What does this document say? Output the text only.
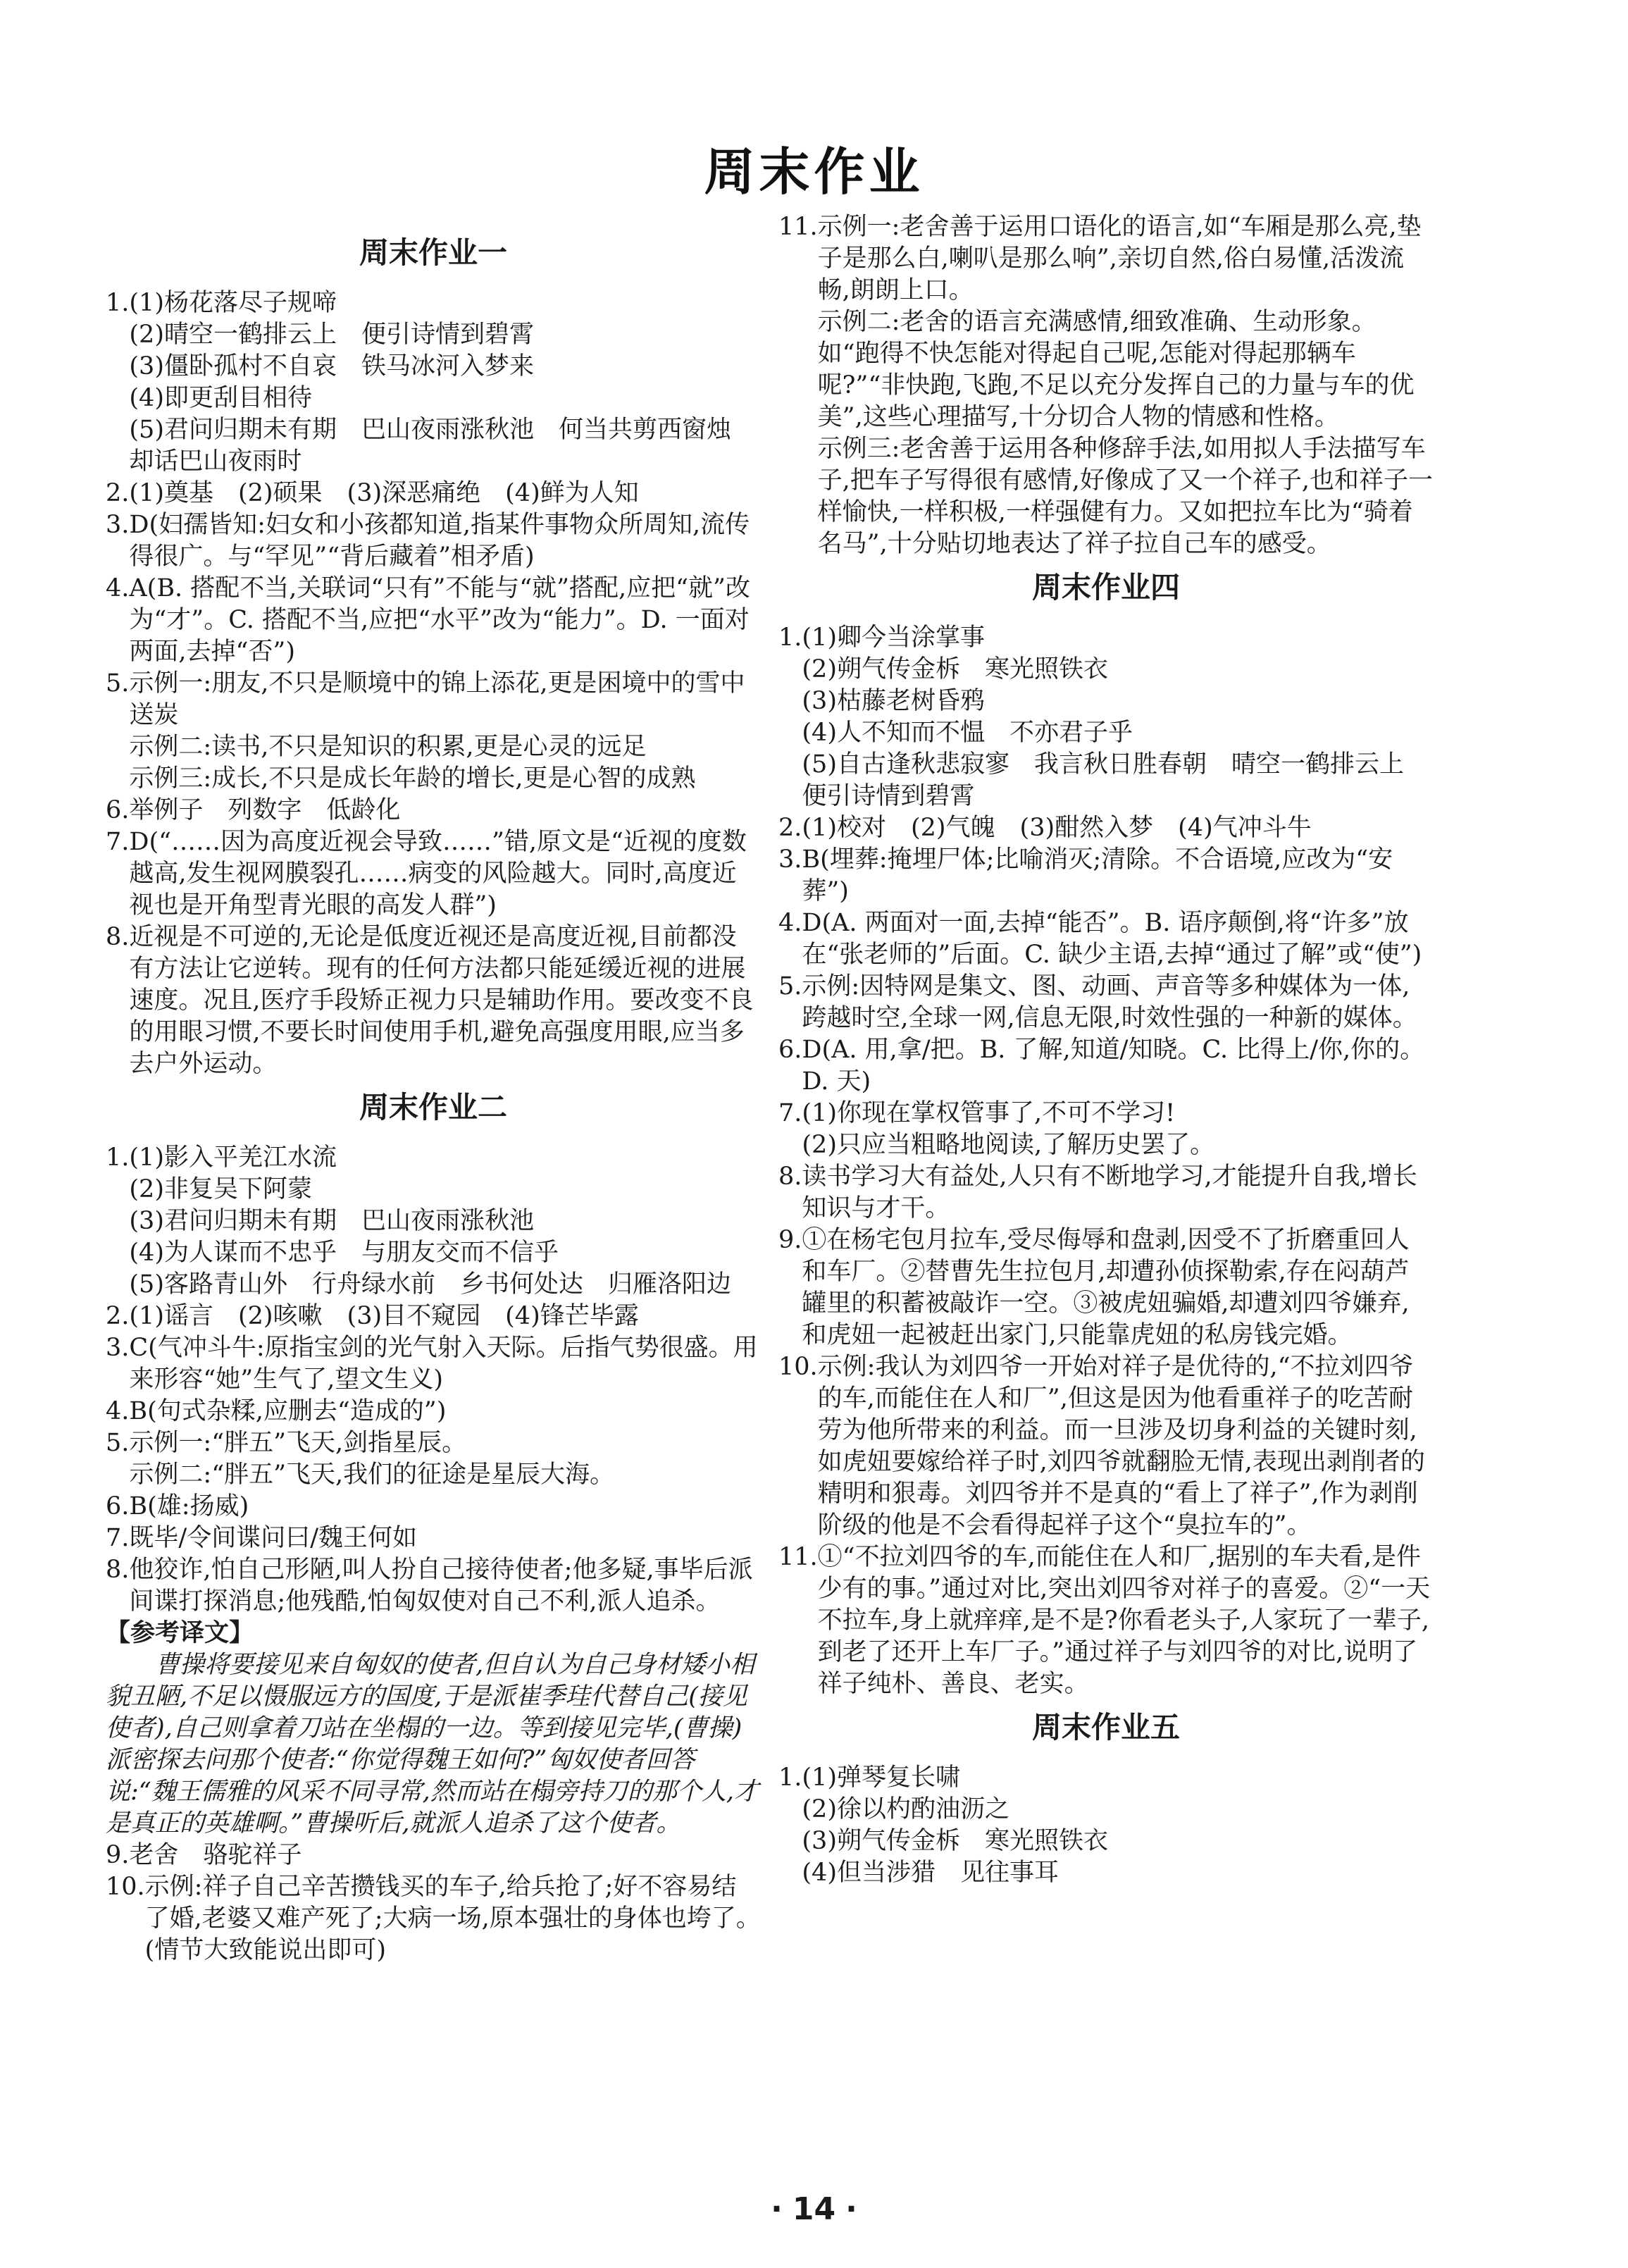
周末作业
周末作业一
1. (1)杨花落尽子规啼
(2)晴空一鹤排云上　便引诗情到碧霄
(3)僵卧孤村不自哀　铁马冰河入梦来
(4)即更刮目相待
(5)君问归期未有期　巴山夜雨涨秋池　何当共剪西窗烛　却话巴山夜雨时
2. (1)奠基　(2)硕果　(3)深恶痛绝　(4)鲜为人知
3. D(妇孺皆知:妇女和小孩都知道,指某件事物众所周知,流传得很广。与“罕见”“背后藏着”相矛盾)
4. A(B. 搭配不当,关联词“只有”不能与“就”搭配,应把“就”改为“才”。C. 搭配不当,应把“水平”改为“能力”。D. 一面对两面,去掉“否”)
5. 示例一:朋友,不只是顺境中的锦上添花,更是困境中的雪中送炭
示例二:读书,不只是知识的积累,更是心灵的远足
示例三:成长,不只是成长年龄的增长,更是心智的成熟
6. 举例子　列数字　低龄化
7. D(“……因为高度近视会导致……”错,原文是“近视的度数越高,发生视网膜裂孔……病变的风险越大。同时,高度近视也是开角型青光眼的高发人群”)
8. 近视是不可逆的,无论是低度近视还是高度近视,目前都没有方法让它逆转。现有的任何方法都只能延缓近视的进展速度。况且,医疗手段矫正视力只是辅助作用。要改变不良的用眼习惯,不要长时间使用手机,避免高强度用眼,应当多去户外运动。
周末作业二
1. (1)影入平羌江水流
(2)非复吴下阿蒙
(3)君问归期未有期　巴山夜雨涨秋池
(4)为人谋而不忠乎　与朋友交而不信乎
(5)客路青山外　行舟绿水前　乡书何处达　归雁洛阳边
2. (1)谣言　(2)咳嗽　(3)目不窥园　(4)锋芒毕露
3. C(气冲斗牛:原指宝剑的光气射入天际。后指气势很盛。用来形容“她”生气了,望文生义)
4. B(句式杂糅,应删去“造成的”)
5. 示例一:“胖五”飞天,剑指星辰。
示例二:“胖五”飞天,我们的征途是星辰大海。
6. B(雄:扬威)
7. 既毕/令间谍问曰/魏王何如
8. 他狡诈,怕自己形陋,叫人扮自己接待使者;他多疑,事毕后派间谍打探消息;他残酷,怕匈奴使对自己不利,派人追杀。
【参考译文】
曹操将要接见来自匈奴的使者,但自认为自己身材矮小相貌丑陋,不足以慑服远方的国度,于是派崔季珪代替自己(接见使者),自己则拿着刀站在坐榻的一边。等到接见完毕,(曹操)派密探去问那个使者:“你觉得魏王如何?”匈奴使者回答说:“魏王儒雅的风采不同寻常,然而站在榻旁持刀的那个人,才是真正的英雄啊。”曹操听后,就派人追杀了这个使者。
9. 老舍　骆驼祥子
10. 示例:祥子自己辛苦攒钱买的车子,给兵抢了;好不容易结了婚,老婆又难产死了;大病一场,原本强壮的身体也垮了。(情节大致能说出即可)
11. 示例一:老舍善于运用口语化的语言,如“车厢是那么亮,垫子是那么白,喇叭是那么响”,亲切自然,俗白易懂,活泼流畅,朗朗上口。
示例二:老舍的语言充满感情,细致准确、生动形象。如“跑得不快怎能对得起自己呢,怎能对得起那辆车呢?”“非快跑,飞跑,不足以充分发挥自己的力量与车的优美”,这些心理描写,十分切合人物的情感和性格。
示例三:老舍善于运用各种修辞手法,如用拟人手法描写车子,把车子写得很有感情,好像成了又一个祥子,也和祥子一样愉快,一样积极,一样强健有力。又如把拉车比为“骑着名马”,十分贴切地表达了祥子拉自己车的感受。
周末作业四
1. (1)卿今当涂掌事
(2)朔气传金柝　寒光照铁衣
(3)枯藤老树昏鸦
(4)人不知而不愠　不亦君子乎
(5)自古逢秋悲寂寥　我言秋日胜春朝　晴空一鹤排云上　便引诗情到碧霄
2. (1)校对　(2)气魄　(3)酣然入梦　(4)气冲斗牛
3. B(埋葬:掩埋尸体;比喻消灭;清除。不合语境,应改为“安葬”)
4. D(A. 两面对一面,去掉“能否”。B. 语序颠倒,将“许多”放在“张老师的”后面。C. 缺少主语,去掉“通过了解”或“使”)
5. 示例:因特网是集文、图、动画、声音等多种媒体为一体,跨越时空,全球一网,信息无限,时效性强的一种新的媒体。
6. D(A. 用,拿/把。B. 了解,知道/知晓。C. 比得上/你,你的。D. 天)
7. (1)你现在掌权管事了,不可不学习!
(2)只应当粗略地阅读,了解历史罢了。
8. 读书学习大有益处,人只有不断地学习,才能提升自我,增长知识与才干。
9. ①在杨宅包月拉车,受尽侮辱和盘剥,因受不了折磨重回人和车厂。②替曹先生拉包月,却遭孙侦探勒索,存在闷葫芦罐里的积蓄被敲诈一空。③被虎妞骗婚,却遭刘四爷嫌弃,和虎妞一起被赶出家门,只能靠虎妞的私房钱完婚。
10. 示例:我认为刘四爷一开始对祥子是优待的,“不拉刘四爷的车,而能住在人和厂”,但这是因为他看重祥子的吃苦耐劳为他所带来的利益。而一旦涉及切身利益的关键时刻,如虎妞要嫁给祥子时,刘四爷就翻脸无情,表现出剥削者的精明和狠毒。刘四爷并不是真的“看上了祥子”,作为剥削阶级的他是不会看得起祥子这个“臭拉车的”。
11. ①“不拉刘四爷的车,而能住在人和厂,据别的车夫看,是件少有的事。”通过对比,突出刘四爷对祥子的喜爱。②“一天不拉车,身上就痒痒,是不是?你看老头子,人家玩了一辈子,到老了还开上车厂子。”通过祥子与刘四爷的对比,说明了祥子纯朴、善良、老实。
周末作业五
1. (1)弹琴复长啸
(2)徐以杓酌油沥之
(3)朔气传金柝　寒光照铁衣
(4)但当涉猎　见往事耳
· 14 ·
